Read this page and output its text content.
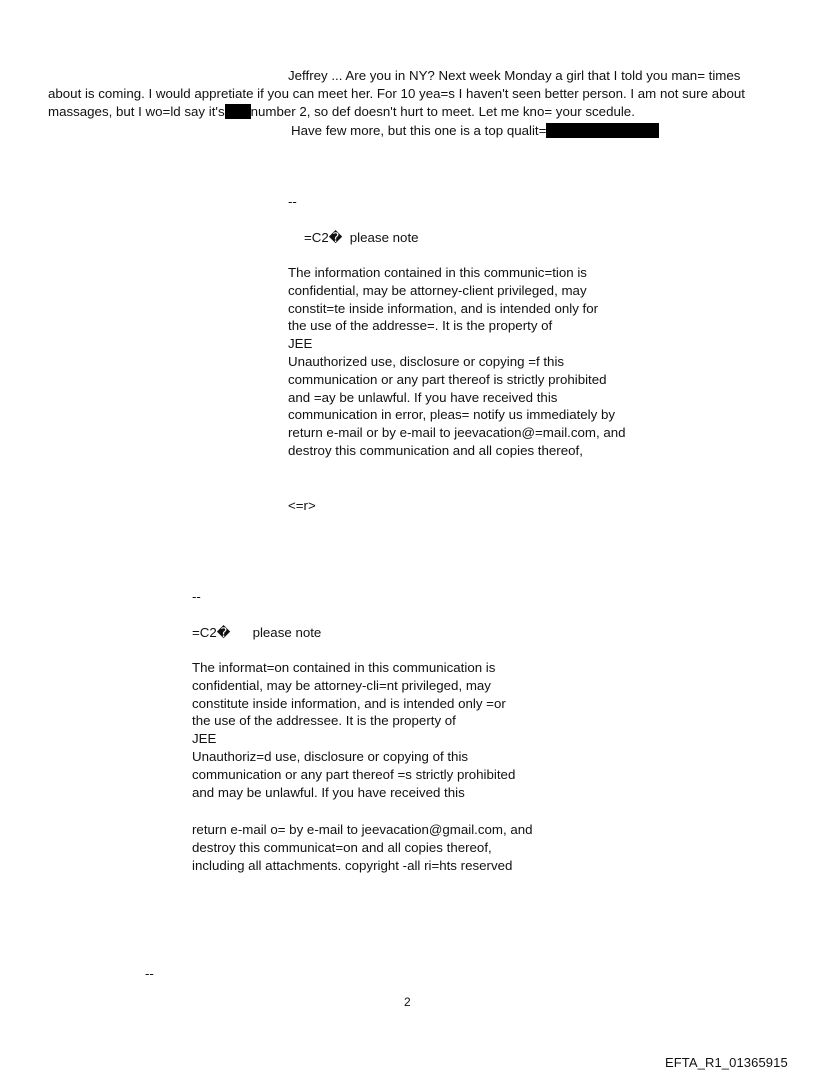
Jeffrey ... Are you in NY? Next week Monday a girl that I told you man= times
about is coming. I would appretiate if you can meet her. For 10 yea=s I haven't seen better person. I am not sure about
massages, but I wo=ld say it's number 2, so def doesn't hurt to meet. Let me kno= your scedule.
Have few more, but this one is a top qualit=
--
=C2�  please note
The information contained in this communic=tion is
confidential, may be attorney-client privileged, may
constit=te inside information, and is intended only for
the use of the addresse=. It is the property of
JEE
Unauthorized use, disclosure or copying =f this
communication or any part thereof is strictly prohibited
and =ay be unlawful. If you have received this
communication in error, pleas= notify us immediately by
return e-mail or by e-mail to jeevacation@=mail.com, and
destroy this communication and all copies thereof,
<=r>
--
=C2�      please note
The informat=on contained in this communication is
confidential, may be attorney-cli=nt privileged, may
constitute inside information, and is intended only =or
the use of the addressee. It is the property of
JEE
Unauthoriz=d use, disclosure or copying of this
communication or any part thereof =s strictly prohibited
and may be unlawful. If you have received this
return e-mail o= by e-mail to jeevacation@gmail.com, and
destroy this communicat=on and all copies thereof,
including all attachments. copyright -all ri=hts reserved
--
2
EFTA_R1_01365915
